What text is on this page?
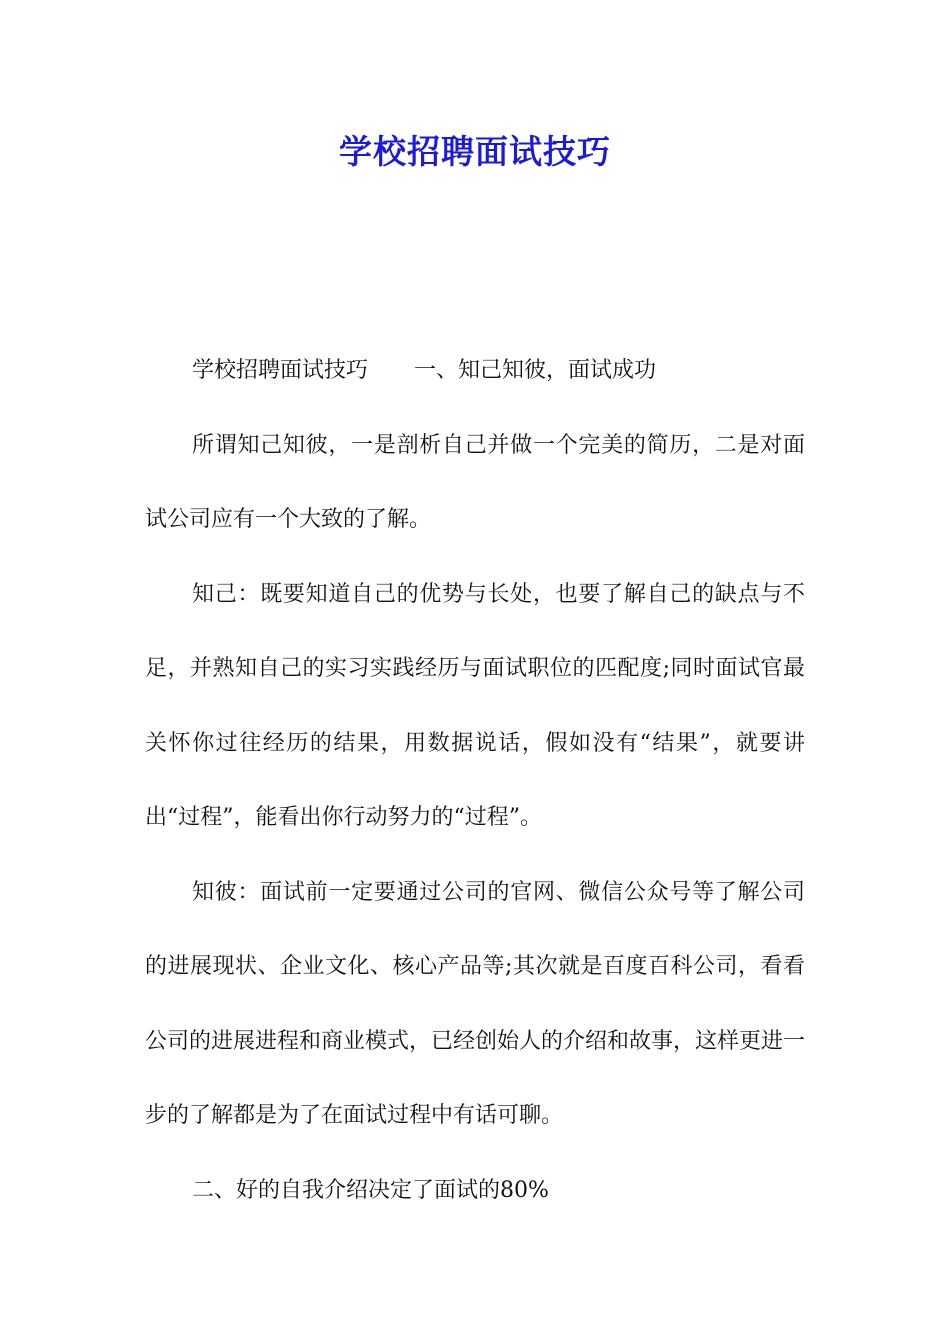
学校招聘面试技巧

学校招聘面试技巧 一、知己知彼，面试成功

所谓知己知彼，一是剖析自己并做一个完美的简历，二是对面试公司应有一个大致的了解。

知己：既要知道自己的优势与长处，也要了解自己的缺点与不足，并熟知自己的实习实践经历与面试职位的匹配度;同时面试官最关怀你过往经历的结果，用数据说话，假如没有“结果”，就要讲出“过程”，能看出你行动努力的“过程”。

知彼：面试前一定要通过公司的官网、微信公众号等了解公司的进展现状、企业文化、核心产品等;其次就是百度百科公司，看看公司的进展进程和商业模式，已经创始人的介绍和故事，这样更进一步的了解都是为了在面试过程中有话可聊。

二、好的自我介绍决定了面试的80%
